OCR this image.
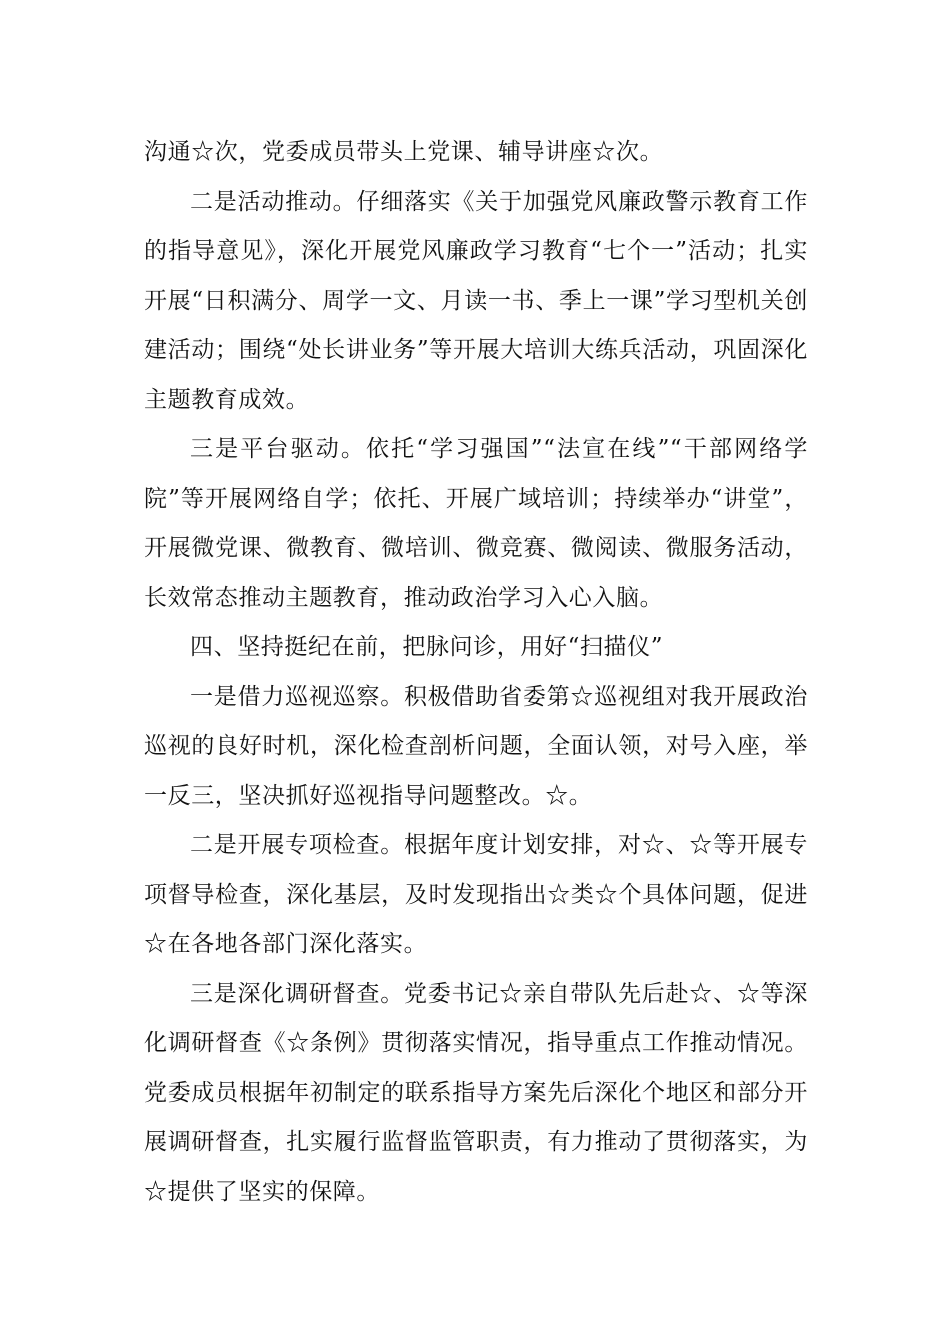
沟通☆次，党委成员带头上党课、辅导讲座☆次。

二是活动推动。仔细落实《关于加强党风廉政警示教育工作的指导意见》，深化开展党风廉政学习教育“七个一”活动；扎实开展“日积满分、周学一文、月读一书、季上一课”学习型机关创建活动；围绕“处长讲业务”等开展大培训大练兵活动，巩固深化主题教育成效。

三是平台驱动。依托“学习强国”“法宣在线”“干部网络学院”等开展网络自学；依托、开展广域培训；持续举办“讲堂”，开展微党课、微教育、微培训、微竞赛、微阅读、微服务活动，长效常态推动主题教育，推动政治学习入心入脑。

四、坚持挺纪在前，把脉问诊，用好“扫描仪”

一是借力巡视巡察。积极借助省委第☆巡视组对我开展政治巡视的良好时机，深化检查剖析问题，全面认领，对号入座，举一反三，坚决抓好巡视指导问题整改。☆。

二是开展专项检查。根据年度计划安排，对☆、☆等开展专项督导检查，深化基层，及时发现指出☆类☆个具体问题，促进☆在各地各部门深化落实。

三是深化调研督查。党委书记☆亲自带队先后赴☆、☆等深化调研督查《☆条例》贯彻落实情况，指导重点工作推动情况。党委成员根据年初制定的联系指导方案先后深化个地区和部分开展调研督查，扎实履行监督监管职责，有力推动了贯彻落实，为☆提供了坚实的保障。
